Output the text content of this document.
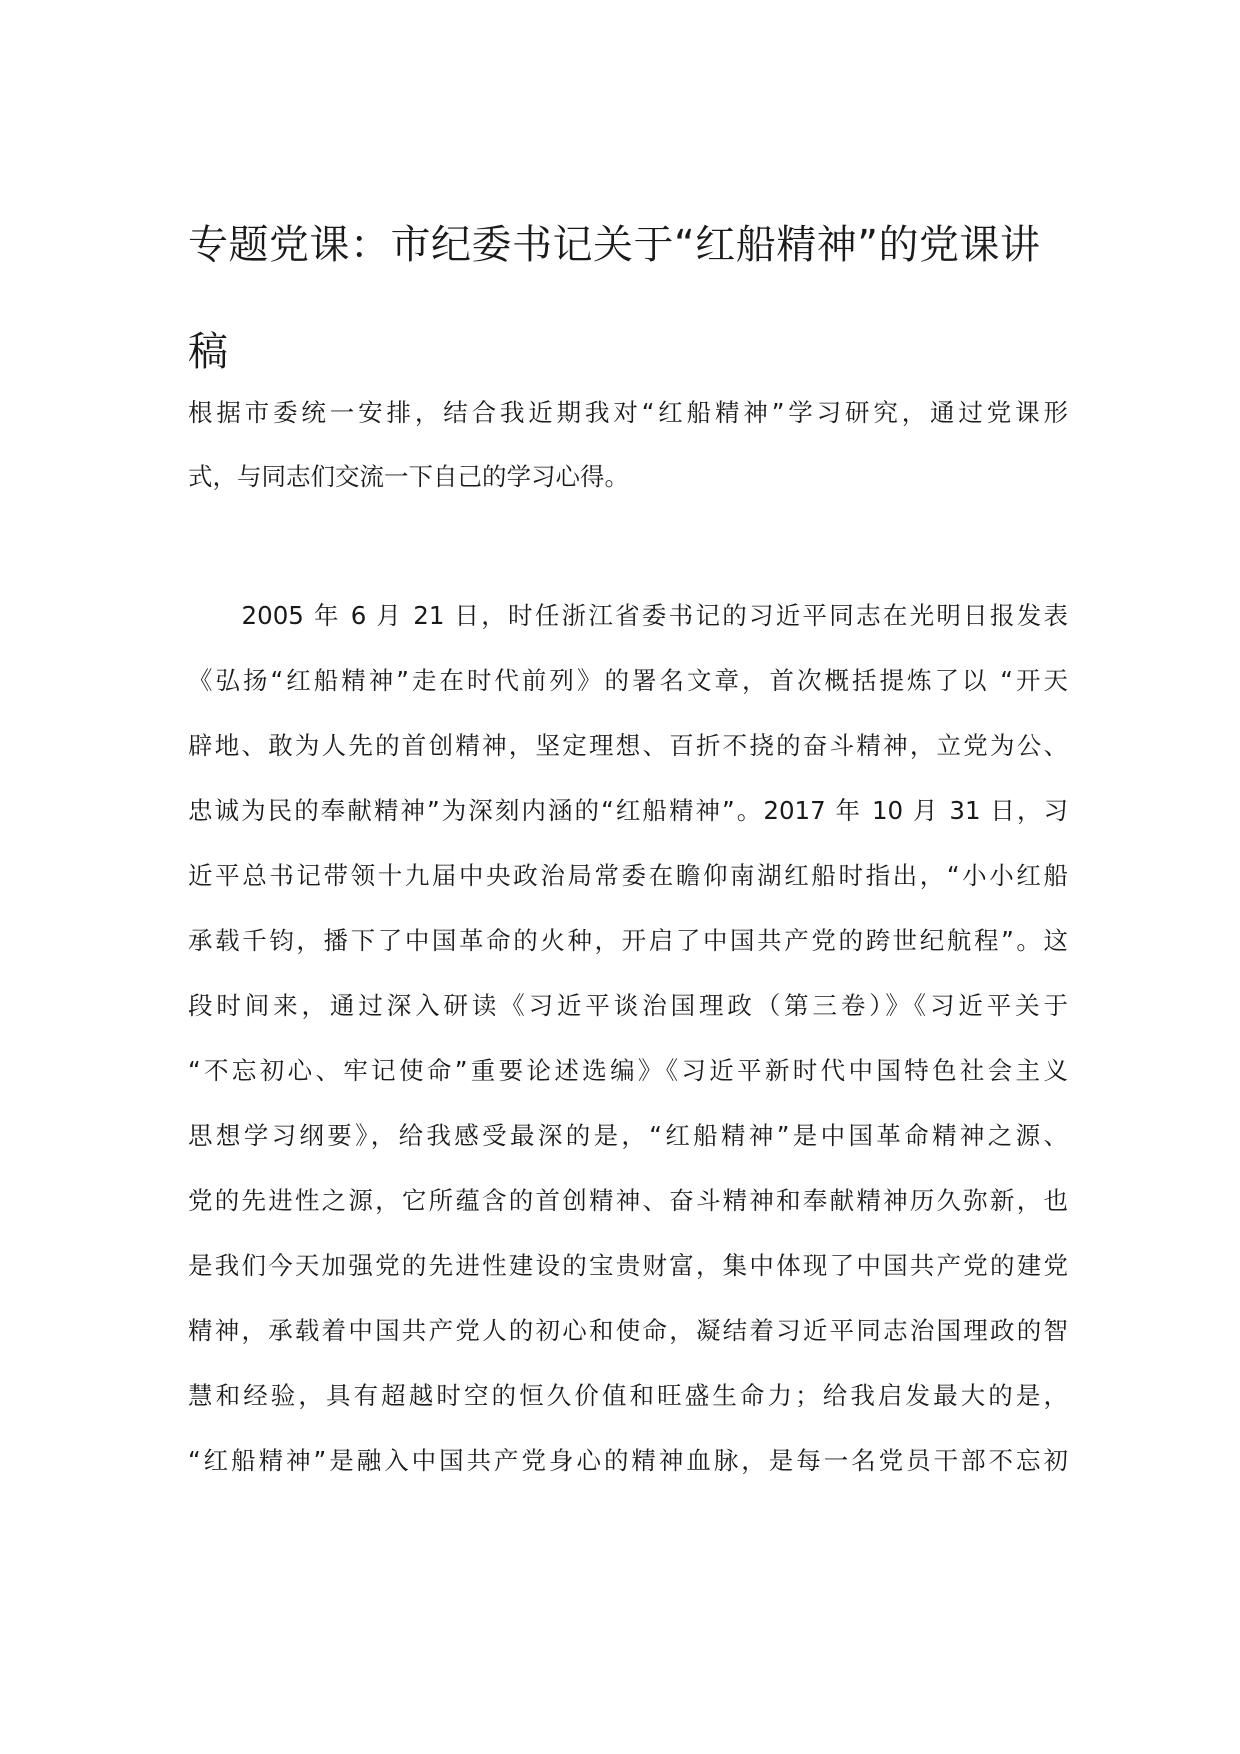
专题党课：市纪委书记关于“红船精神”的党课讲稿

根据市委统一安排，结合我近期我对“红船精神”学习研究，通过党课形

式，与同志们交流一下自己的学习心得。

　　2005 年 6 月 21 日，时任浙江省委书记的习近平同志在光明日报发表

《弘扬“红船精神”走在时代前列》的署名文章，首次概括提炼了以 “开天

辟地、敢为人先的首创精神，坚定理想、百折不挠的奋斗精神，立党为公、

忠诚为民的奉献精神”为深刻内涵的“红船精神”。2017 年 10 月 31 日，习

近平总书记带领十九届中央政治局常委在瞻仰南湖红船时指出，“小小红船

承载千钧，播下了中国革命的火种，开启了中国共产党的跨世纪航程”。这

段时间来，通过深入研读《习近平谈治国理政（第三卷）》《习近平关于

“不忘初心、牢记使命”重要论述选编》《习近平新时代中国特色社会主义

思想学习纲要》，给我感受最深的是，“红船精神”是中国革命精神之源、

党的先进性之源，它所蕴含的首创精神、奋斗精神和奉献精神历久弥新，也

是我们今天加强党的先进性建设的宝贵财富，集中体现了中国共产党的建党

精神，承载着中国共产党人的初心和使命，凝结着习近平同志治国理政的智

慧和经验，具有超越时空的恒久价值和旺盛生命力；给我启发最大的是，

“红船精神”是融入中国共产党身心的精神血脉，是每一名党员干部不忘初
